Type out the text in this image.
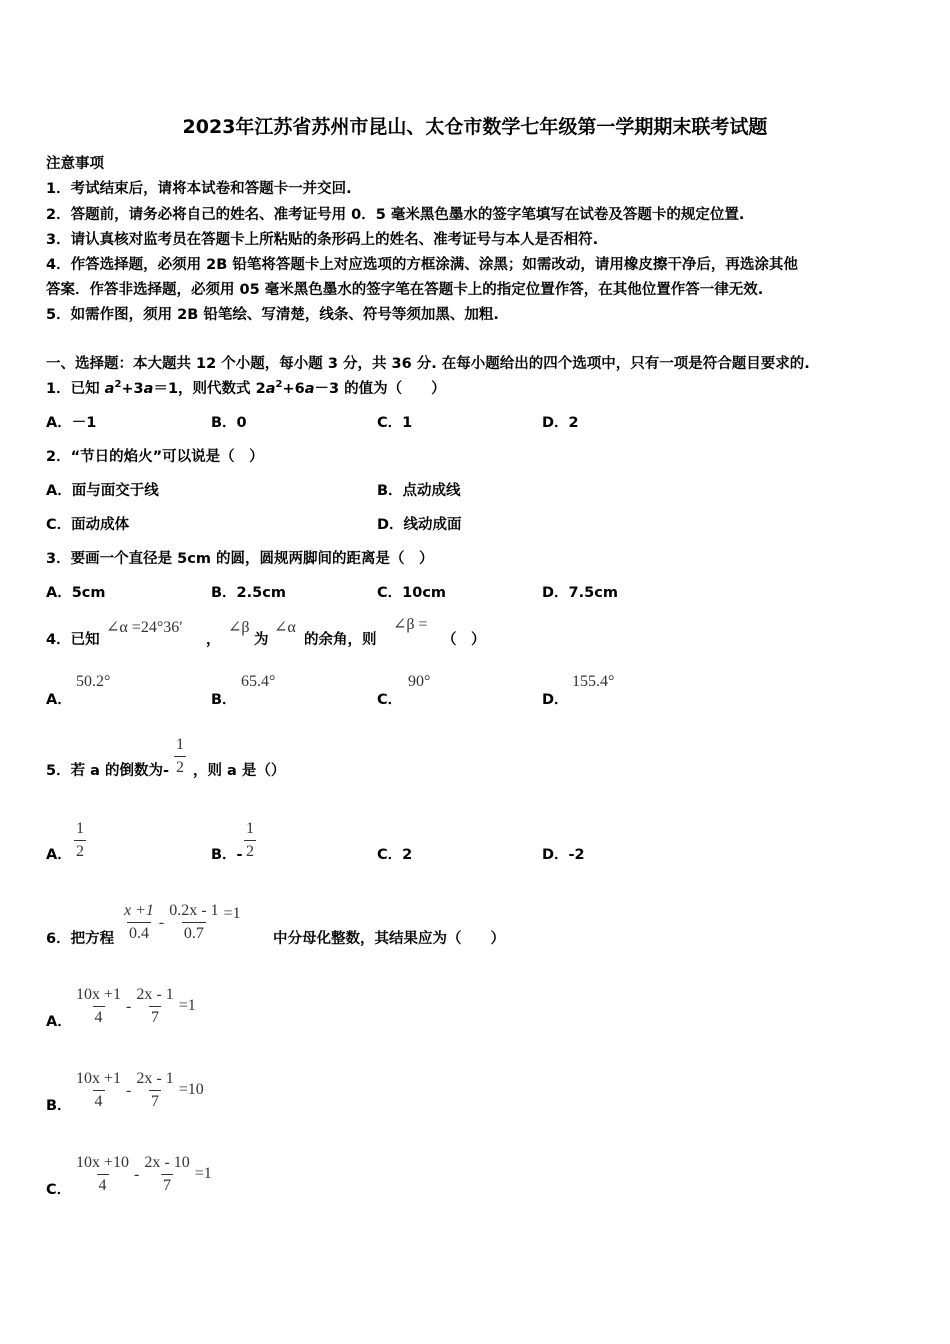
2023年江苏省苏州市昆山、太仓市数学七年级第一学期期末联考试题
注意事项
1．考试结束后，请将本试卷和答题卡一并交回.
2．答题前，请务必将自己的姓名、准考证号用 0．5 毫米黑色墨水的签字笔填写在试卷及答题卡的规定位置.
3．请认真核对监考员在答题卡上所粘贴的条形码上的姓名、准考证号与本人是否相符.
4．作答选择题，必须用 2B 铅笔将答题卡上对应选项的方框涂满、涂黑；如需改动，请用橡皮擦干净后，再选涂其他
答案．作答非选择题，必须用 05 毫米黑色墨水的签字笔在答题卡上的指定位置作答，在其他位置作答一律无效.
5．如需作图，须用 2B 铅笔绘、写清楚，线条、符号等须加黑、加粗.
一、选择题：本大题共 12 个小题，每小题 3 分，共 36 分. 在每小题给出的四个选项中，只有一项是符合题目要求的.
1．已知 $a^2+3a=1$，则代数式 $2a^2+6a-3$ 的值为（　　）
A．－1	B．0	C．1	D．2
2．“节日的焰火”可以说是（　）
A．面与面交于线	B．点动成线
C．面动成体	D．线动成面
3．要画一个直径是 5cm 的圆，圆规两脚间的距离是（　）
A．5cm	B．2.5cm	C．10cm	D．7.5cm
4．已知
∠α =24°36′
，
∠β
为
∠α
的余角，则
∠β =
（　）
A．
50.2°
B．
65.4°
C．
90°
D．
155.4°
5．若 a 的倒数为- $\frac{1}{2}$ ，则 a 是（）
A． $\frac{1}{2}$	B．- $\frac{1}{2}$	C．2	D．-2
6．把方程 $\frac{x +1}{0.4} - \frac{0.2x - 1}{0.7} =1$
中分母化整数，其结果应为（　　）
A． $\frac{10x +1}{4} - \frac{2x - 1}{7} =1$
B． $\frac{10x +1}{4} - \frac{2x - 1}{7} =10$
C． $\frac{10x +10}{4} - \frac{2x - 10}{7} =1$
